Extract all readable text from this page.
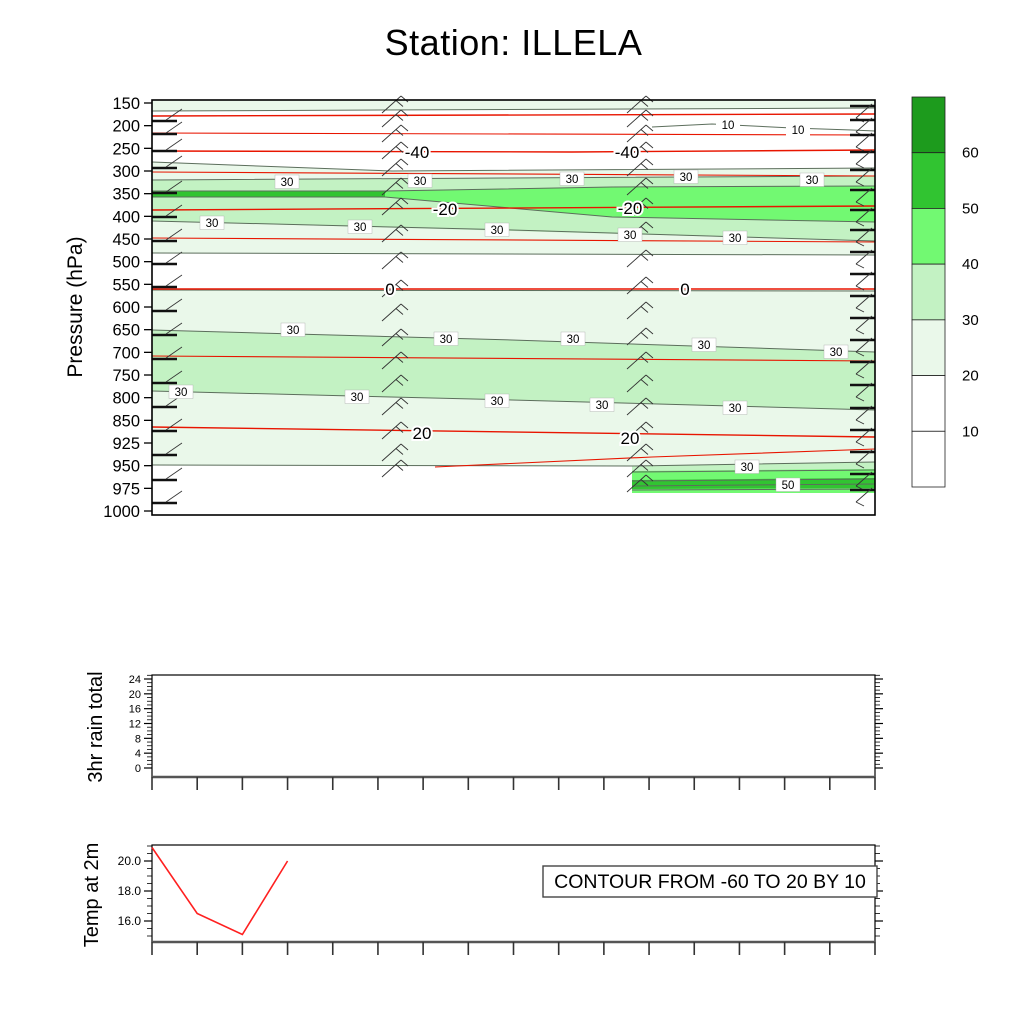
Station: ILLELA
Pressure (hPa)
3hr rain total
Temp at 2m
30	30	30	30	30
30	30	30	30	30
30
30	30	30
30
30	30	30	30	30
30
50
10	10
-40	-40
-20	-20
0	0
20	20
150
200
250
300
350
400
450
500
550
600
650
700
750
800
850
925
950
975
1000
60
50
40
30
20
10
24
20
16
12
8
4
0
20.0
18.0
16.0
CONTOUR FROM -60 TO 20 BY 10
